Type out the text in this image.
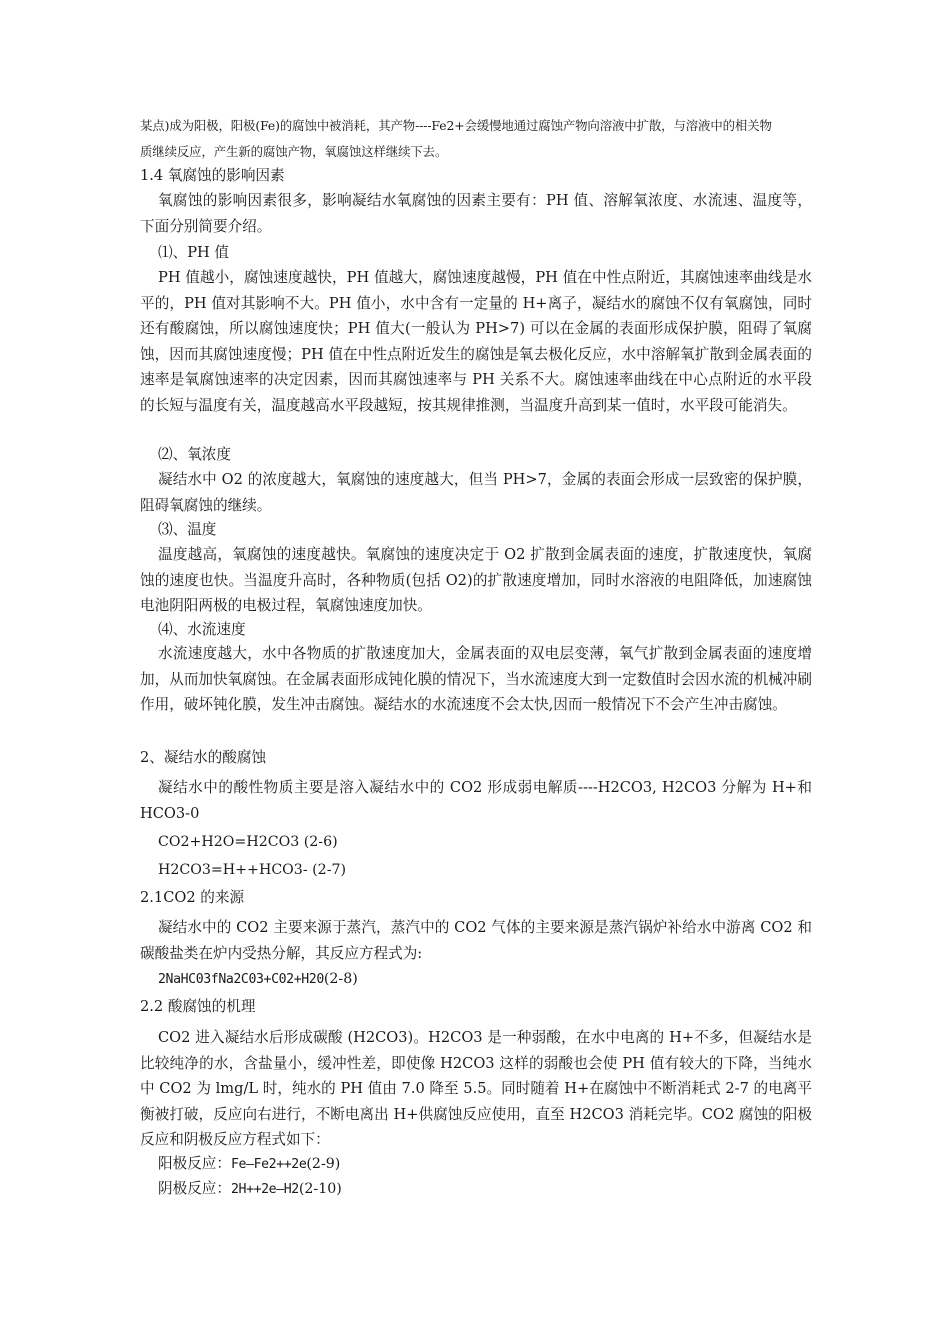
某点)成为阳极，阳极(Fe)的腐蚀中被消耗，其产物----Fe2+会缓慢地通过腐蚀产物向溶液中扩散，与溶液中的相关物

质继续反应，产生新的腐蚀产物，氧腐蚀这样继续下去。

1.4 氧腐蚀的影响因素

氧腐蚀的影响因素很多，影响凝结水氧腐蚀的因素主要有：PH 值、溶解氧浓度、水流速、温度等，下面分别简要介绍。

⑴、PH 值

PH 值越小，腐蚀速度越快，PH 值越大，腐蚀速度越慢，PH 值在中性点附近，其腐蚀速率曲线是水平的，PH 值对其影响不大。PH 值小，水中含有一定量的 H+离子，凝结水的腐蚀不仅有氧腐蚀，同时还有酸腐蚀，所以腐蚀速度快；PH 值大(一般认为 PH>7) 可以在金属的表面形成保护膜，阻碍了氧腐蚀，因而其腐蚀速度慢；PH 值在中性点附近发生的腐蚀是氧去极化反应，水中溶解氧扩散到金属表面的速率是氧腐蚀速率的决定因素，因而其腐蚀速率与 PH 关系不大。腐蚀速率曲线在中心点附近的水平段的长短与温度有关，温度越高水平段越短，按其规律推测，当温度升高到某一值时，水平段可能消失。

⑵、氧浓度

凝结水中 O2 的浓度越大，氧腐蚀的速度越大，但当 PH>7，金属的表面会形成一层致密的保护膜，阻碍氧腐蚀的继续。

⑶、温度

温度越高，氧腐蚀的速度越快。氧腐蚀的速度决定于 O2 扩散到金属表面的速度，扩散速度快，氧腐蚀的速度也快。当温度升高时，各种物质(包括 O2)的扩散速度增加，同时水溶液的电阻降低，加速腐蚀电池阴阳两极的电极过程，氧腐蚀速度加快。

⑷、水流速度

水流速度越大，水中各物质的扩散速度加大，金属表面的双电层变薄，氧气扩散到金属表面的速度增加，从而加快氧腐蚀。在金属表面形成钝化膜的情况下，当水流速度大到一定数值时会因水流的机械冲刷作用，破坏钝化膜，发生冲击腐蚀。凝结水的水流速度不会太快,因而一般情况下不会产生冲击腐蚀。

2、凝结水的酸腐蚀

凝结水中的酸性物质主要是溶入凝结水中的 CO2 形成弱电解质----H2CO3, H2CO3 分解为 H+和 HCO3-0

CO2+H2O=H2CO3 (2-6)

H2CO3=H++HCO3- (2-7)

2.1CO2 的来源

凝结水中的 CO2 主要来源于蒸汽，蒸汽中的 CO2 气体的主要来源是蒸汽锅炉补给水中游离 CO2 和碳酸盐类在炉内受热分解，其反应方程式为:

2NaHC03fNa2C03+C02+H20(2-8)

2.2 酸腐蚀的机理

CO2 进入凝结水后形成碳酸 (H2CO3)。H2CO3 是一种弱酸，在水中电离的 H+不多，但凝结水是比较纯净的水，含盐量小，缓冲性差，即使像 H2CO3 这样的弱酸也会使 PH 值有较大的下降，当纯水中 CO2 为 lmg/L 时，纯水的 PH 值由 7.0 降至 5.5。同时随着 H+在腐蚀中不断消耗式 2-7 的电离平衡被打破，反应向右进行，不断电离出 H+供腐蚀反应使用，直至 H2CO3 消耗完毕。CO2 腐蚀的阳极反应和阴极反应方程式如下：

阳极反应：Fe—Fe2++2e(2-9)

阴极反应：2H++2e—H2(2-10)
